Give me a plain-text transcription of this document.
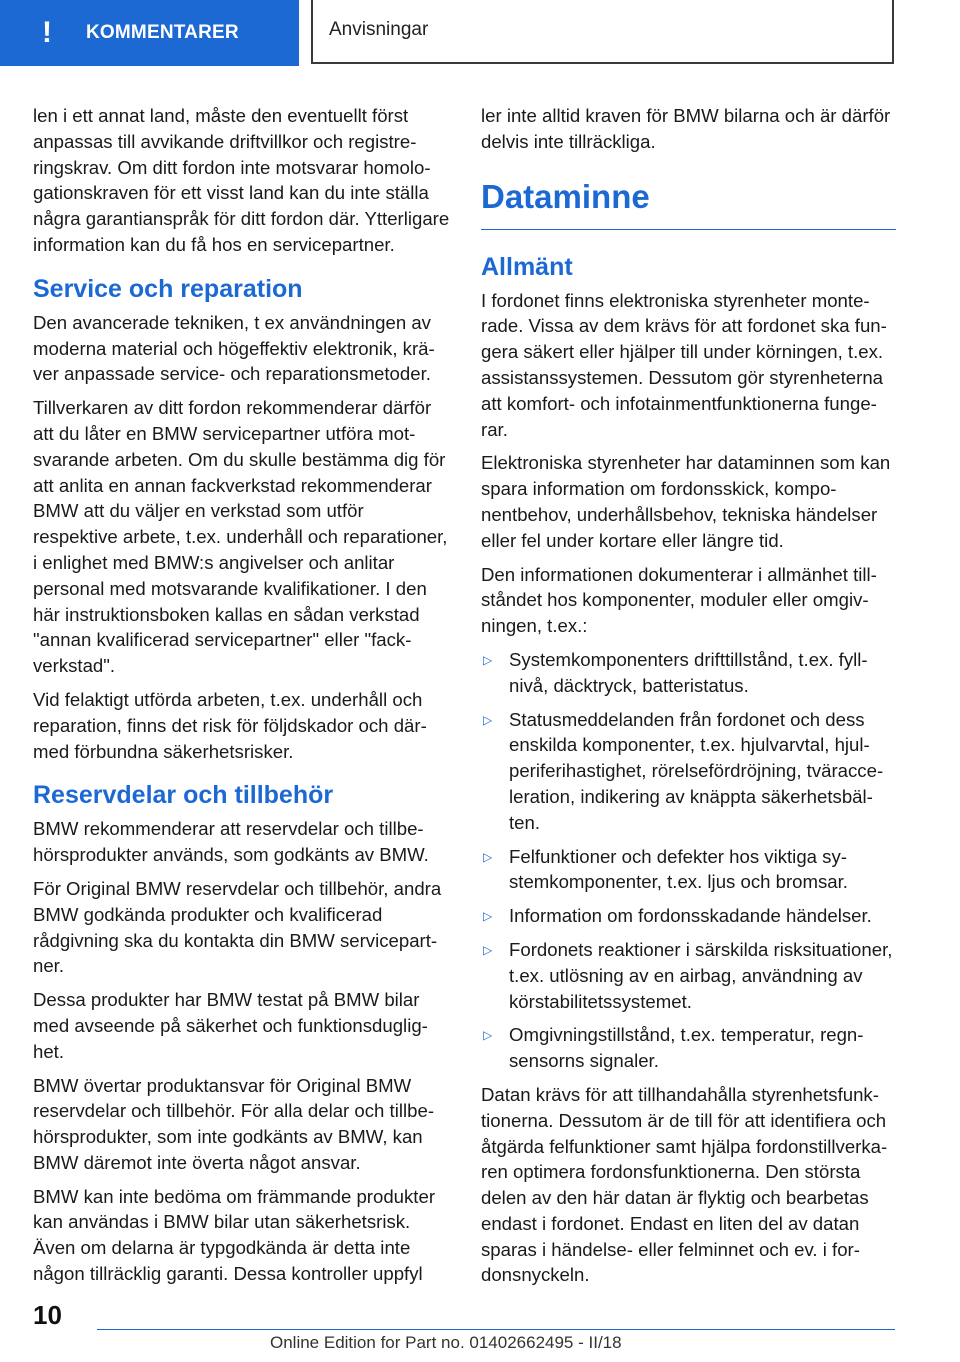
!	KOMMENTARER	Anvisningar

len i ett annat land, måste den eventuellt först anpassas till avvikande driftvillkor och registreringskrav. Om ditt fordon inte motsvarar homologationskraven för ett visst land kan du inte ställa några garantianspråk för ditt fordon där. Ytterligare information kan du få hos en servicepartner.

Service och reparation

Den avancerade tekniken, t ex användningen av moderna material och högeffektiv elektronik, kräver anpassade service- och reparationsmetoder.

Tillverkaren av ditt fordon rekommenderar därför att du låter en BMW servicepartner utföra motsvarande arbeten. Om du skulle bestämma dig för att anlita en annan fackverkstad rekommenderar BMW att du väljer en verkstad som utför respektive arbete, t.ex. underhåll och reparationer, i enlighet med BMW:s angivelser och anlitar personal med motsvarande kvalifikationer. I den här instruktionsboken kallas en sådan verkstad "annan kvalificerad servicepartner" eller "fackverkstad".

Vid felaktigt utförda arbeten, t.ex. underhåll och reparation, finns det risk för följdskador och därmed förbundna säkerhetsrisker.

Reservdelar och tillbehör

BMW rekommenderar att reservdelar och tillbehörsprodukter används, som godkänts av BMW.

För Original BMW reservdelar och tillbehör, andra BMW godkända produkter och kvalificerad rådgivning ska du kontakta din BMW servicepartner.

Dessa produkter har BMW testat på BMW bilar med avseende på säkerhet och funktionsduglighet.

BMW övertar produktansvar för Original BMW reservdelar och tillbehör. För alla delar och tillbehörsprodukter, som inte godkänts av BMW, kan BMW däremot inte överta något ansvar.

BMW kan inte bedöma om främmande produkter kan användas i BMW bilar utan säkerhetsrisk. Även om delarna är typgodkända är detta inte någon tillräcklig garanti. Dessa kontroller uppfyl

ler inte alltid kraven för BMW bilarna och är därför delvis inte tillräckliga.

Dataminne
Allmänt

I fordonet finns elektroniska styrenheter monterade. Vissa av dem krävs för att fordonet ska fungera säkert eller hjälper till under körningen, t.ex. assistanssystemen. Dessutom gör styrenheterna att komfort- och infotainmentfunktionerna fungerar.

Elektroniska styrenheter har dataminnen som kan spara information om fordonsskick, komponentbehov, underhållsbehov, tekniska händelser eller fel under kortare eller längre tid.

Den informationen dokumenterar i allmänhet tillståndet hos komponenter, moduler eller omgivningen, t.ex.:

▷ Systemkomponenters drifttillstånd, t.ex. fyllnivå, däcktryck, batteristatus.
▷ Statusmeddelanden från fordonet och dess enskilda komponenter, t.ex. hjulvarvtal, hjulperiferihastighet, rörelsefördröjning, tväracceleration, indikering av knäppta säkerhetsbälten.
▷ Felfunktioner och defekter hos viktiga systemkomponenter, t.ex. ljus och bromsar.
▷ Information om fordonsskadande händelser.
▷ Fordonets reaktioner i särskilda risksituationer, t.ex. utlösning av en airbag, användning av körstabilitetssystemet.
▷ Omgivningstillstånd, t.ex. temperatur, regnsensorns signaler.

Datan krävs för att tillhandahålla styrenhetsfunktionerna. Dessutom är de till för att identifiera och åtgärda felfunktioner samt hjälpa fordonstillverkaren optimera fordonsfunktionerna. Den största delen av den här datan är flyktig och bearbetas endast i fordonet. Endast en liten del av datan sparas i händelse- eller felminnet och ev. i fordonsnyckeln.

10
Online Edition for Part no. 01402662495 - II/18
